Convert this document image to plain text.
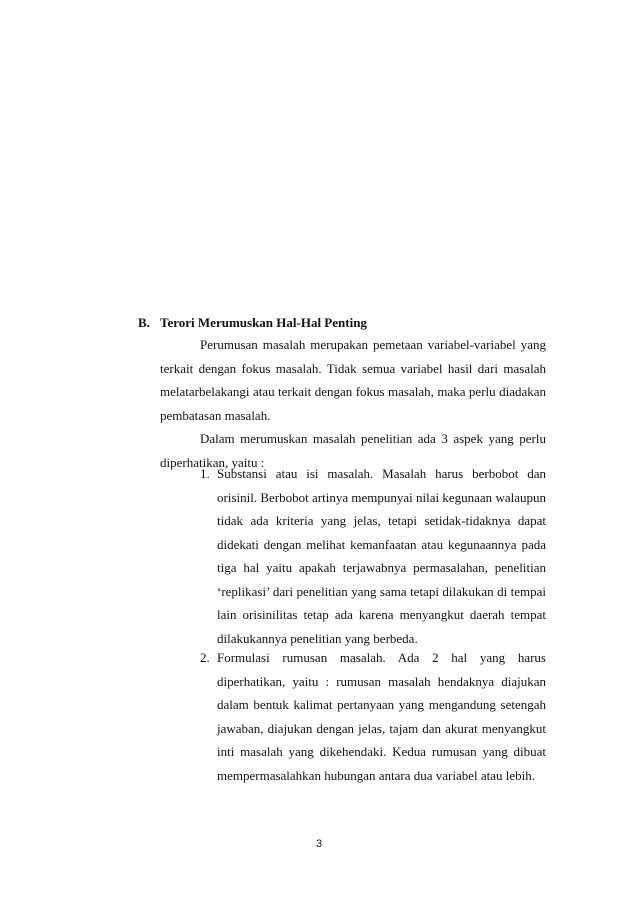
B. Terori Merumuskan Hal-Hal Penting
Perumusan masalah merupakan pemetaan variabel-variabel yang terkait dengan fokus masalah. Tidak semua variabel hasil dari masalah melatarbelakangi atau terkait dengan fokus masalah, maka perlu diadakan pembatasan masalah.
Dalam merumuskan masalah penelitian ada 3 aspek yang perlu diperhatikan, yaitu :
1. Substansi atau isi masalah. Masalah harus berbobot dan orisinil. Berbobot artinya mempunyai nilai kegunaan walaupun tidak ada kriteria yang jelas, tetapi setidak-tidaknya dapat didekati dengan melihat kemanfaatan atau kegunaannya pada tiga hal yaitu apakah terjawabnya permasalahan, penelitian ‘replikasi’ dari penelitian yang sama tetapi dilakukan di tempai lain orisinilitas tetap ada karena menyangkut daerah tempat dilakukannya penelitian yang berbeda.
2. Formulasi rumusan masalah. Ada 2 hal yang harus diperhatikan, yaitu : rumusan masalah hendaknya diajukan dalam bentuk kalimat pertanyaan yang mengandung setengah jawaban, diajukan dengan jelas, tajam dan akurat menyangkut inti masalah yang dikehendaki. Kedua rumusan yang dibuat mempermasalahkan hubungan antara dua variabel atau lebih.
3
